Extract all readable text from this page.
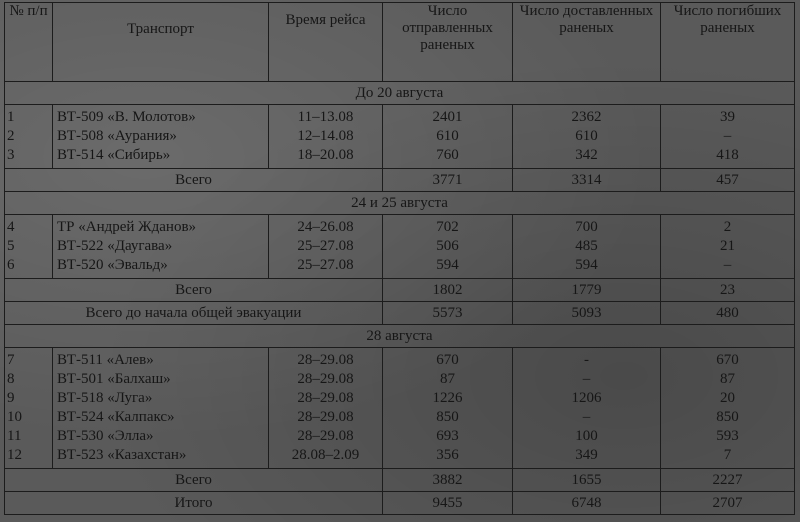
№ п/п	Транспорт	Время рейса	Число отправленных раненых	Число доставленных раненых	Число погибших раненых
До 20 августа					
1	ВТ-509 «В. Молотов»	11–13.08	2401	2362	39
2	ВТ-508 «Аурания»	12–14.08	610	610	–
3	ВТ-514 «Сибирь»	18–20.08	760	342	418
Всего			3771	3314	457
24 и 25 августа					
4	ТР «Андрей Жданов»	24–26.08	702	700	2
5	ВТ-522 «Даугава»	25–27.08	506	485	21
6	ВТ-520 «Эвальд»	25–27.08	594	594	–
Всего			1802	1779	23
Всего до начала общей эвакуации			5573	5093	480
28 августа					
7	ВТ-511 «Алев»	28–29.08	670	-	670
8	ВТ-501 «Балхаш»	28–29.08	87	–	87
9	ВТ-518 «Луга»	28–29.08	1226	1206	20
10	ВТ-524 «Калпакс»	28–29.08	850	–	850
11	ВТ-530 «Элла»	28–29.08	693	100	593
12	ВТ-523 «Казахстан»	28.08–2.09	356	349	7
Всего			3882	1655	2227
Итого			9455	6748	2707
